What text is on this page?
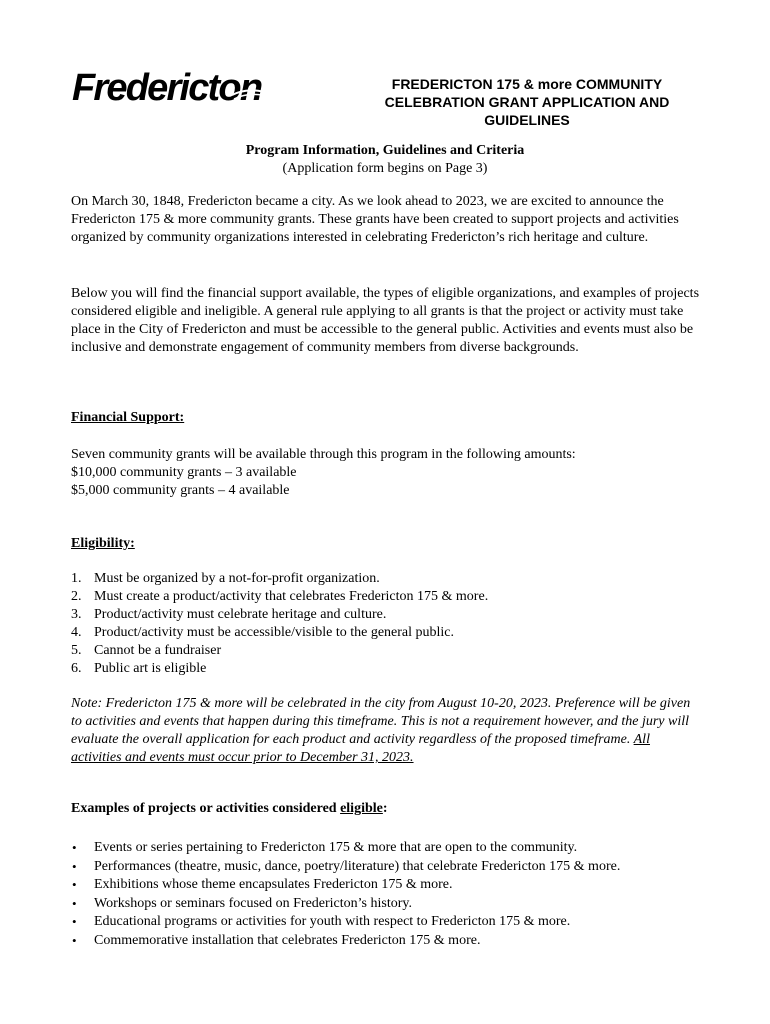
Fredericton	FREDERICTON 175 & more COMMUNITY CELEBRATION GRANT APPLICATION AND GUIDELINES
Program Information, Guidelines and Criteria
(Application form begins on Page 3)
On March 30, 1848, Fredericton became a city. As we look ahead to 2023, we are excited to announce the Fredericton 175 & more community grants. These grants have been created to support projects and activities organized by community organizations interested in celebrating Fredericton’s rich heritage and culture.
Below you will find the financial support available, the types of eligible organizations, and examples of projects considered eligible and ineligible. A general rule applying to all grants is that the project or activity must take place in the City of Fredericton and must be accessible to the general public. Activities and events must also be inclusive and demonstrate engagement of community members from diverse backgrounds.
Financial Support:
Seven community grants will be available through this program in the following amounts:
$10,000 community grants – 3 available
$5,000 community grants – 4 available
Eligibility:
1. Must be organized by a not-for-profit organization.
2. Must create a product/activity that celebrates Fredericton 175 & more.
3. Product/activity must celebrate heritage and culture.
4. Product/activity must be accessible/visible to the general public.
5. Cannot be a fundraiser
6. Public art is eligible
Note: Fredericton 175 & more will be celebrated in the city from August 10-20, 2023. Preference will be given to activities and events that happen during this timeframe. This is not a requirement however, and the jury will evaluate the overall application for each product and activity regardless of the proposed timeframe. All activities and events must occur prior to December 31, 2023.
Examples of projects or activities considered eligible:
• Events or series pertaining to Fredericton 175 & more that are open to the community.
• Performances (theatre, music, dance, poetry/literature) that celebrate Fredericton 175 & more.
• Exhibitions whose theme encapsulates Fredericton 175 & more.
• Workshops or seminars focused on Fredericton’s history.
• Educational programs or activities for youth with respect to Fredericton 175 & more.
• Commemorative installation that celebrates Fredericton 175 & more.
